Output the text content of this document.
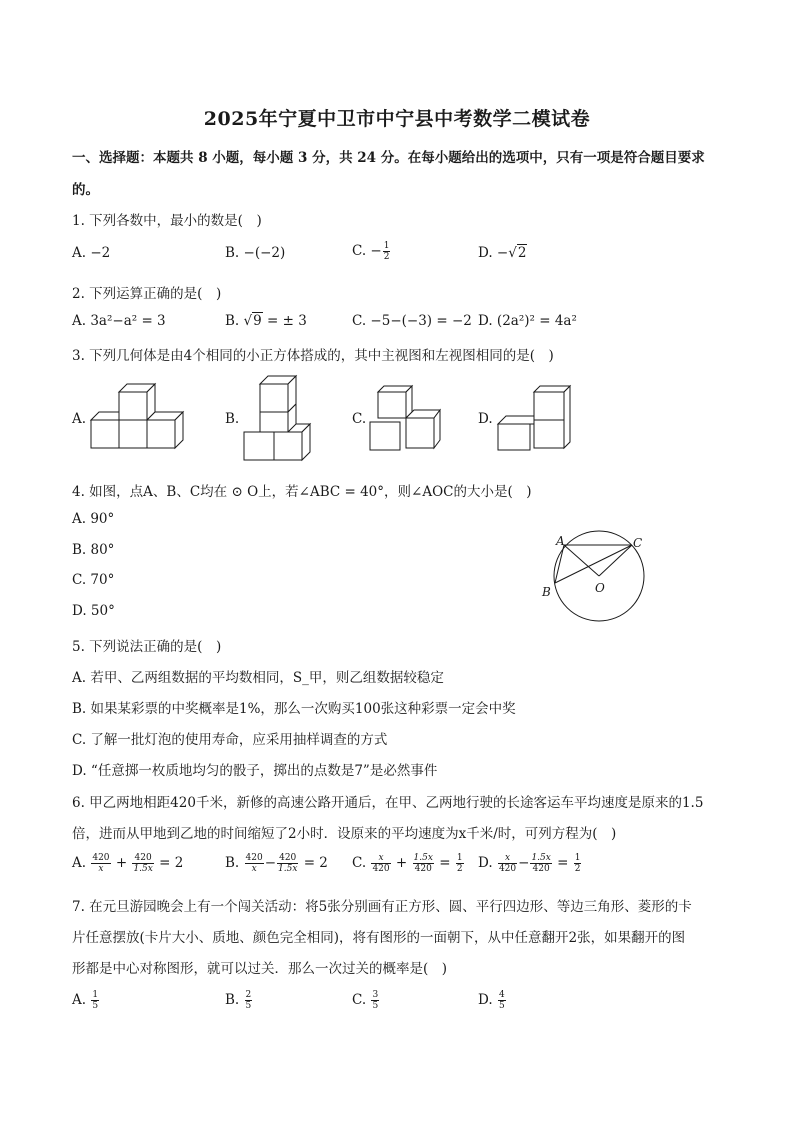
2025年宁夏中卫市中宁县中考数学二模试卷
一、选择题：本题共 8 小题，每小题 3 分，共 24 分。在每小题给出的选项中，只有一项是符合题目要求
的。
1. 下列各数中，最小的数是(　)
A. −2	B. −(−2)	C. − $\frac{1}{2}$	D. −√2
2. 下列运算正确的是(　)
A. 3a²−a² = 3	B. √9 = ± 3	C. −5−(−3) = −2 D. (2a²)² = 4a²
3. 下列几何体是由4个相同的小正方体搭成的，其中主视图和左视图相同的是(　)
A.	B.	C.	D.
4. 如图，点A、B、C均在 ⊙ O上，若∠ABC = 40°，则∠AOC的大小是(　)
A. 90°
B. 80°
C. 70°
D. 50°
A
B
C
O
5. 下列说法正确的是(　)
A. 若甲、乙两组数据的平均数相同，S_甲，则乙组数据较稳定
B. 如果某彩票的中奖概率是1%，那么一次购买100张这种彩票一定会中奖
C. 了解一批灯泡的使用寿命，应采用抽样调查的方式
D. “任意掷一枚质地均匀的骰子，掷出的点数是7”是必然事件
6. 甲乙两地相距420千米，新修的高速公路开通后，在甲、乙两地行驶的长途客运车平均速度是原来的1.5
倍，进而从甲地到乙地的时间缩短了2小时．设原来的平均速度为x千米/时，可列方程为(　)
A. $\frac{420}{x} + \frac{420}{1.5x} = 2$	B. $\frac{420}{x} - \frac{420}{1.5x} = 2$ C. $\frac{x}{420} + \frac{1.5x}{420} = \frac{1}{2} D$. $\frac{x}{420} - \frac{1.5x}{420} = \frac{1}{2}$
7. 在元旦游园晚会上有一个闯关活动：将5张分别画有正方形、圆、平行四边形、等边三角形、菱形的卡
片任意摆放(卡片大小、质地、颜色完全相同)，将有图形的一面朝下，从中任意翻开2张，如果翻开的图
形都是中心对称图形，就可以过关．那么一次过关的概率是(　)
A. $\frac{1}{5}$	B. $\frac{2}{5}$	C. $\frac{3}{5}$	D. $\frac{4}{5}$
